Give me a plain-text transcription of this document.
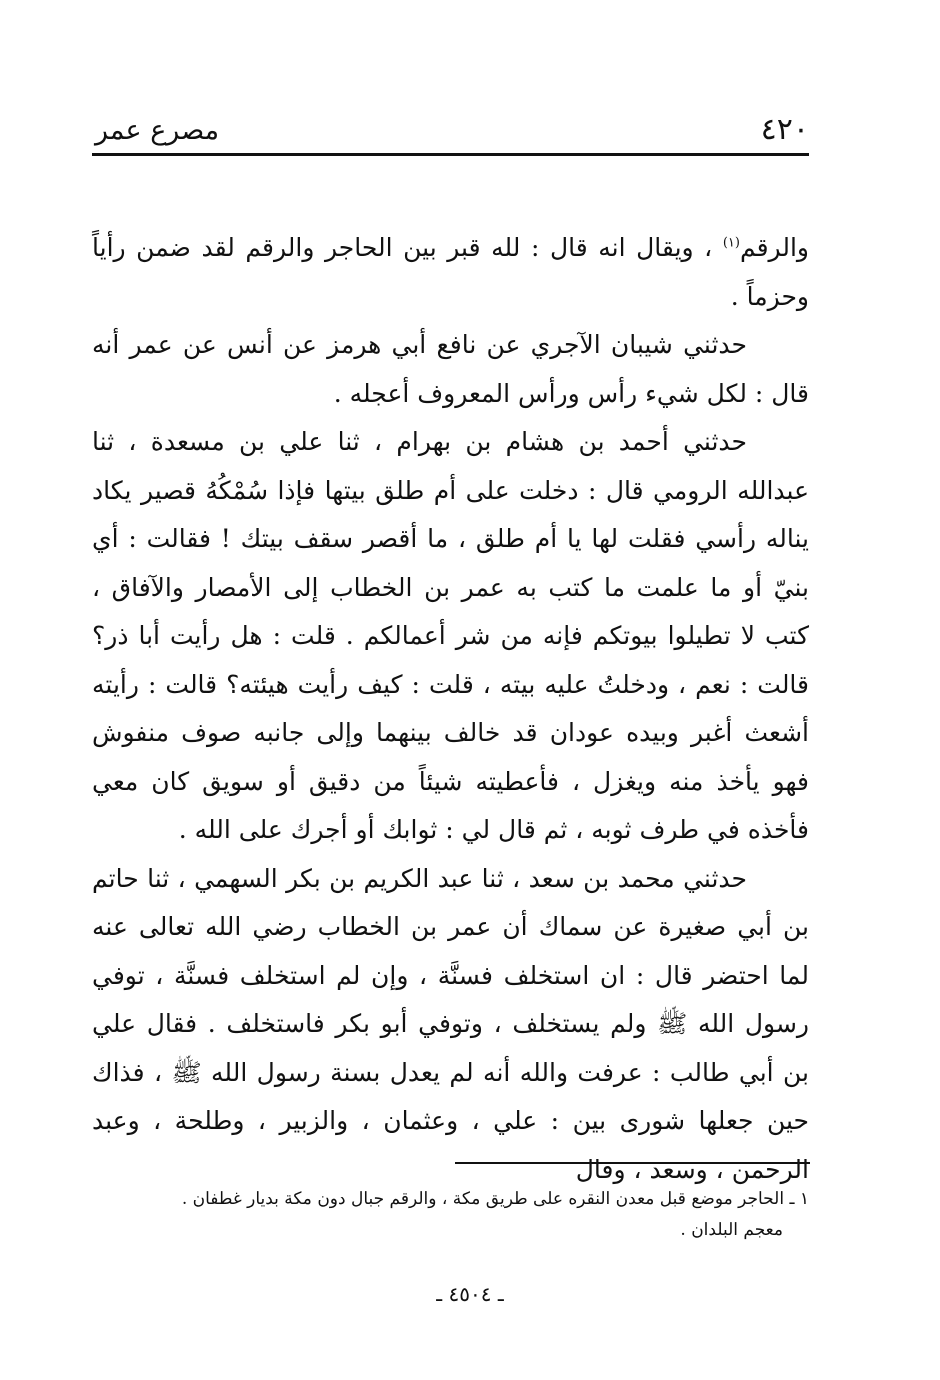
٤٢٠
مصرع عمر

والرقم$^{(١)}$ ، ويقال انه قال : لله قبر بين الحاجر والرقم لقد ضمن رأياً وحزماً .

حدثني شيبان الآجري عن نافع أبي هرمز عن أنس عن عمر أنه قال : لكل شيء رأس ورأس المعروف أعجله .

حدثني أحمد بن هشام بن بهرام ، ثنا علي بن مسعدة ، ثنا عبدالله الرومي قال : دخلت على أم طلق بيتها فإذا سُمْكُهُ قصير يكاد يناله رأسي فقلت لها يا أم طلق ، ما أقصر سقف بيتك ! فقالت : أي بنيّ أو ما علمت ما كتب به عمر بن الخطاب إلى الأمصار والآفاق ، كتب لا تطيلوا بيوتكم فإنه من شر أعمالكم . قلت : هل رأيت أبا ذر؟ قالت : نعم ، ودخلتُ عليه بيته ، قلت : كيف رأيت هيئته؟ قالت : رأيته أشعث أغبر وبيده عودان قد خالف بينهما وإلى جانبه صوف منفوش فهو يأخذ منه ويغزل ، فأعطيته شيئاً من دقيق أو سويق كان معي فأخذه في طرف ثوبه ، ثم قال لي : ثوابك أو أجرك على الله .

حدثني محمد بن سعد ، ثنا عبد الكريم بن بكر السهمي ، ثنا حاتم بن أبي صغيرة عن سماك أن عمر بن الخطاب رضي الله تعالى عنه لما احتضر قال : ان استخلف فسنَّة ، وإن لم استخلف فسنَّة ، توفي رسول الله ﷺ ولم يستخلف ، وتوفي أبو بكر فاستخلف . فقال علي بن أبي طالب : عرفت والله أنه لم يعدل بسنة رسول الله ﷺ ، فذاك حين جعلها شورى بين : علي ، وعثمان ، والزبير ، وطلحة ، وعبد الرحمن ، وسعد ، وقال

١ ـ الحاجر موضع قبل معدن النقره على طريق مكة ، والرقم جبال دون مكة بديار غطفان .

معجم البلدان .

ـ ٤٥٠٤ ـ
